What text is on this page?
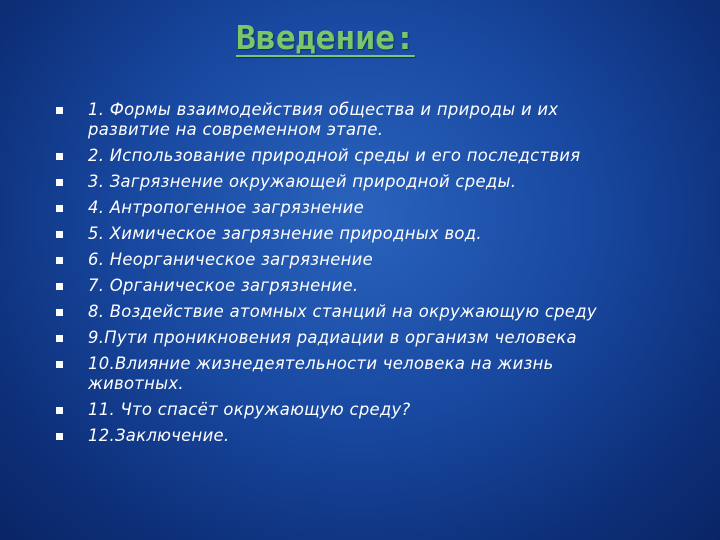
Введение:
1. Формы взаимодействия общества и природы и их
развитие на современном этапе.
2. Использование природной среды и его последствия
3. Загрязнение окружающей природной среды.
4. Антропогенное загрязнение
5. Химическое загрязнение природных вод.
6. Неорганическое загрязнение
7. Органическое загрязнение.
8. Воздействие атомных станций на окружающую среду
9.Пути проникновения радиации в организм человека
10.Влияние жизнедеятельности человека на жизнь
животных.
11. Что спасёт окружающую среду?
12.Заключение.
